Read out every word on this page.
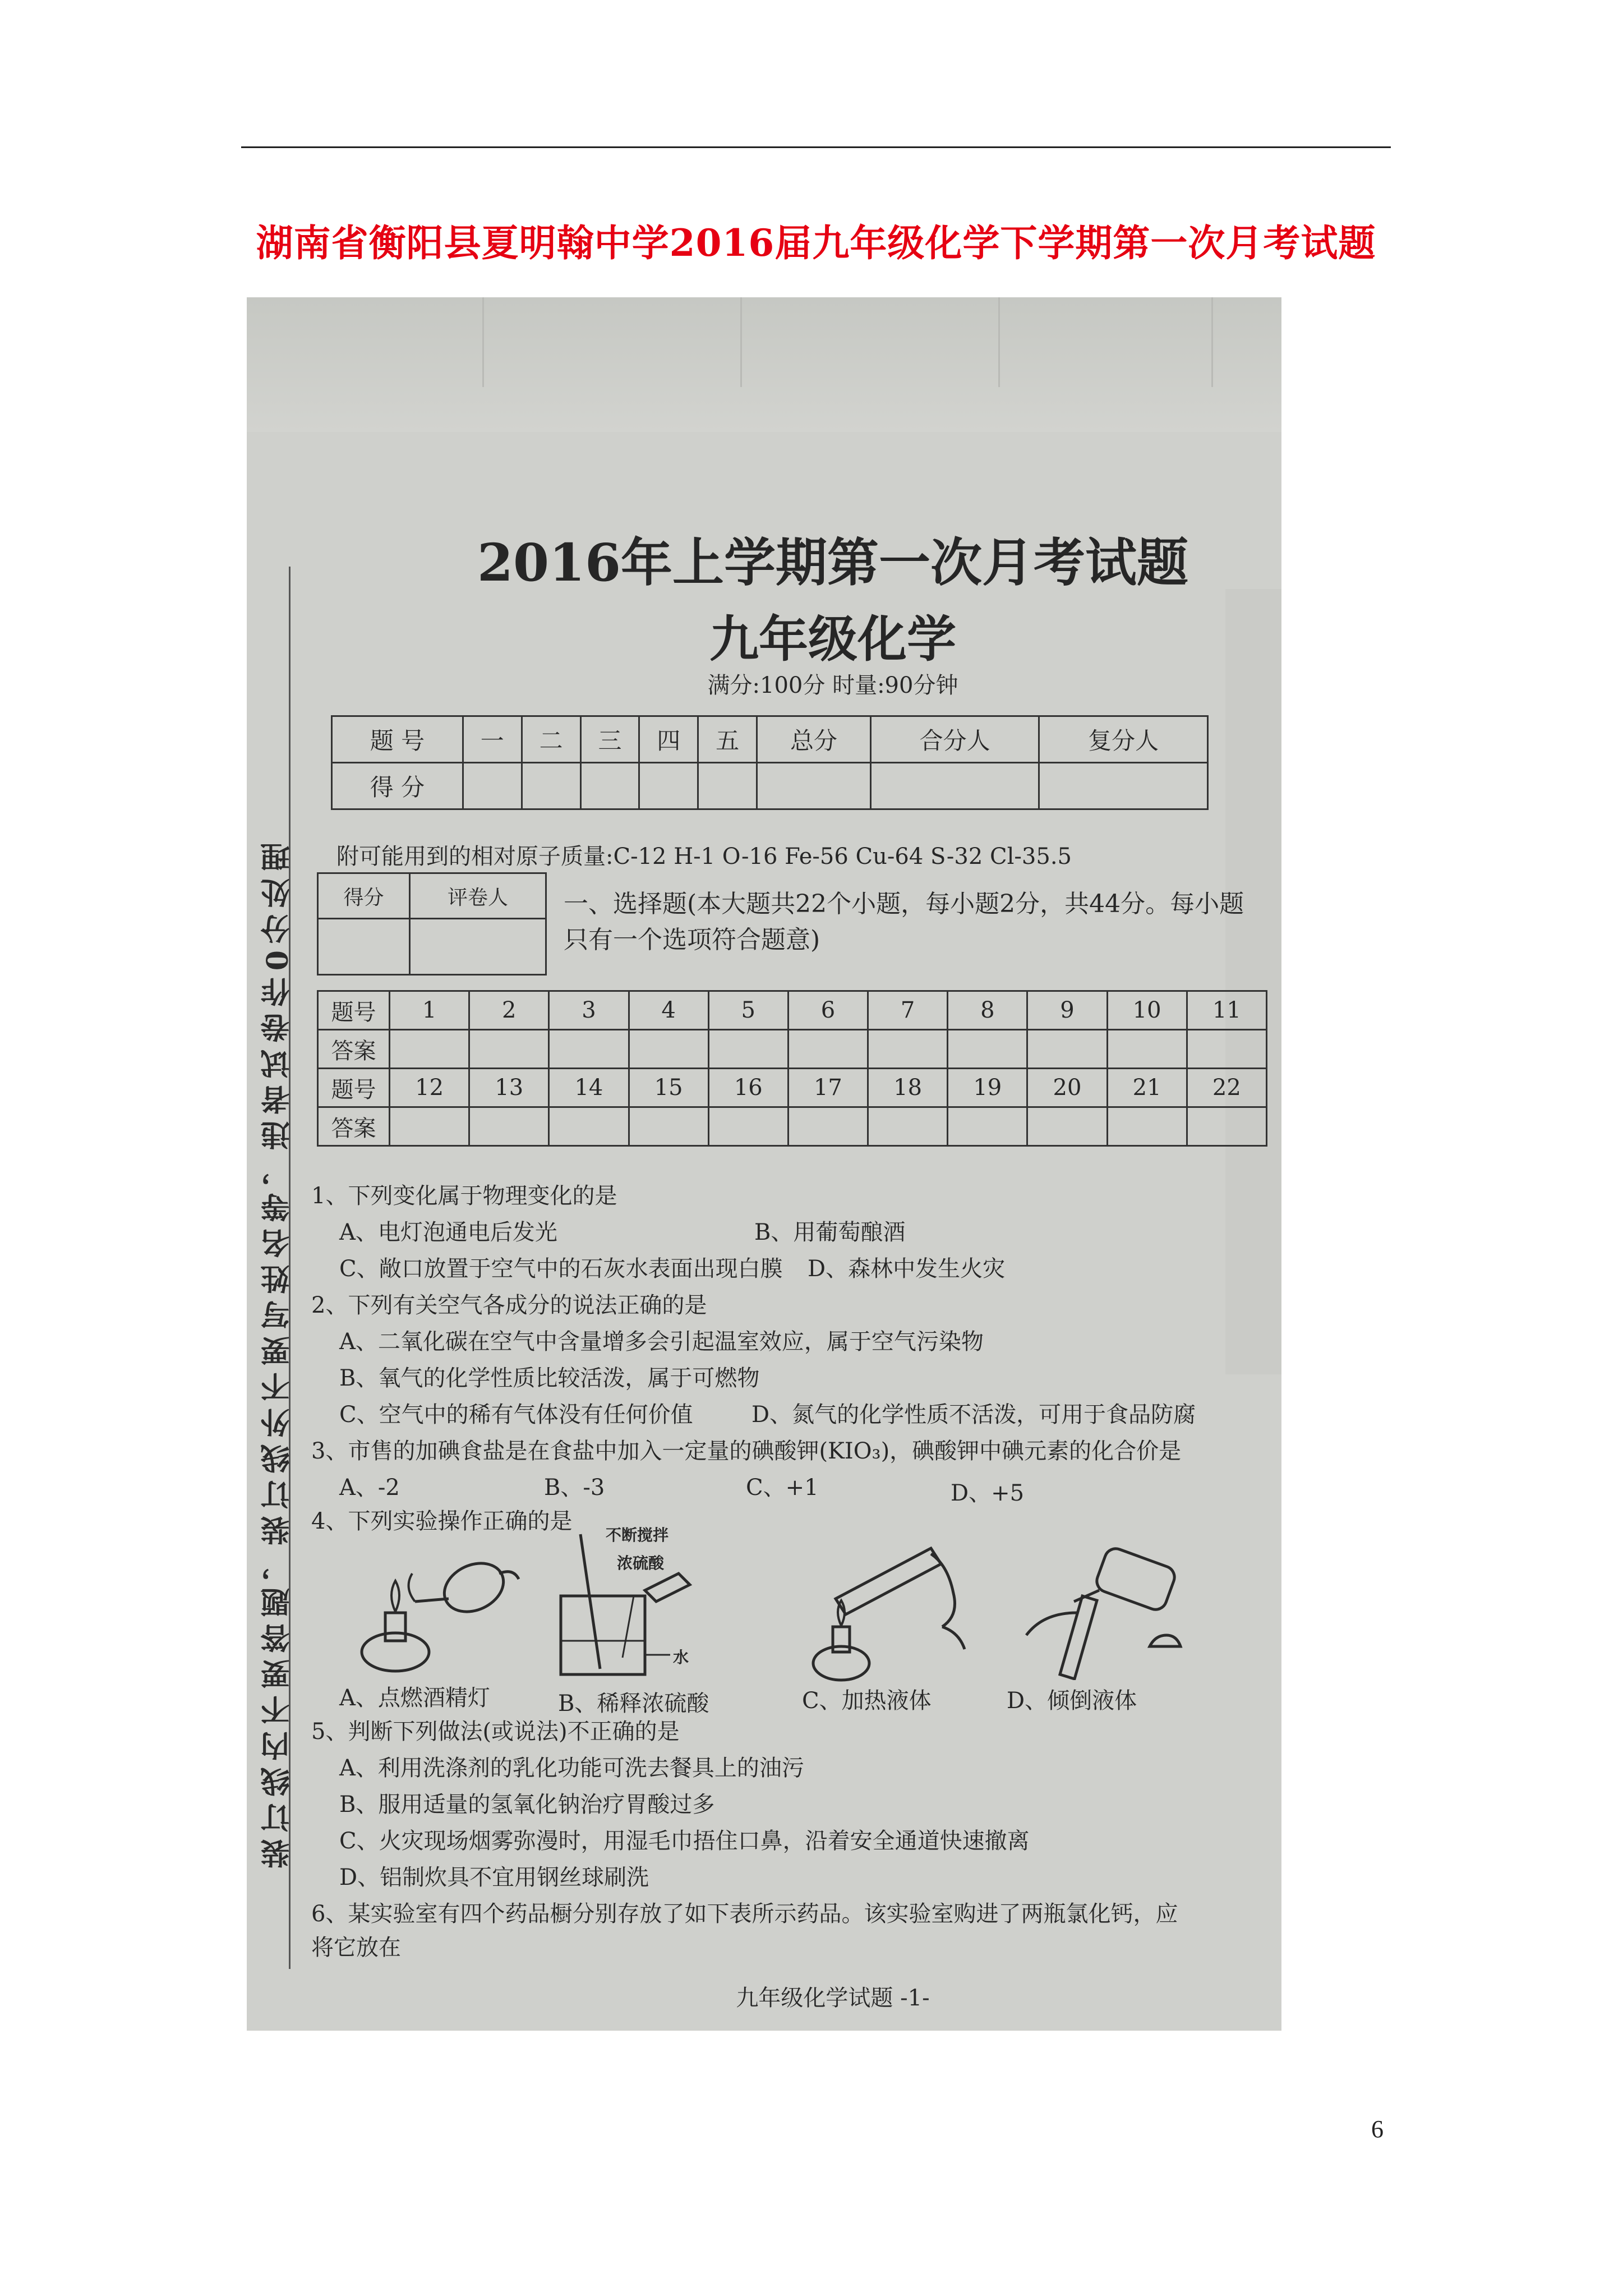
湖南省衡阳县夏明翰中学2016届九年级化学下学期第一次月考试题
装订线内不要答题，装订线外不要写姓名等，违者试卷作0分处理
2016年上学期第一次月考试题
九年级化学
满分:100分 时量:90分钟
题 号	一	二	三	四	五	总分	合分人	复分人
得 分								
附可能用到的相对原子质量:C-12 H-1 O-16 Fe-56 Cu-64 S-32 Cl-35.5
得分	评卷人
	一、选择题(本大题共22个小题，每小题2分，共44分。每小题
只有一个选项符合题意)
题号	1	2	3	4	5	6	7	8	9	10	11
答案											
题号	12	13	14	15	16	17	18	19	20	21	22
答案											
1、下列变化属于物理变化的是
A、电灯泡通电后发光	B、用葡萄酿酒
C、敞口放置于空气中的石灰水表面出现白膜 D、森林中发生火灾
2、下列有关空气各成分的说法正确的是
A、二氧化碳在空气中含量增多会引起温室效应，属于空气污染物
B、氧气的化学性质比较活泼，属于可燃物
C、空气中的稀有气体没有任何价值	D、氮气的化学性质不活泼，可用于食品防腐
3、市售的加碘食盐是在食盐中加入一定量的碘酸钾(KIO₃)，碘酸钾中碘元素的化合价是
A、-2	B、-3	C、+1	D、+5
4、下列实验操作正确的是
A、点燃酒精灯
不断搅拌
浓硫酸
水
B、稀释浓硫酸	C、加热液体	D、倾倒液体
5、判断下列做法(或说法)不正确的是
A、利用洗涤剂的乳化功能可洗去餐具上的油污
B、服用适量的氢氧化钠治疗胃酸过多
C、火灾现场烟雾弥漫时，用湿毛巾捂住口鼻，沿着安全通道快速撤离
D、铝制炊具不宜用钢丝球刷洗
6、某实验室有四个药品橱分别存放了如下表所示药品。该实验室购进了两瓶氯化钙，应
将它放在
九年级化学试题 -1-
6
